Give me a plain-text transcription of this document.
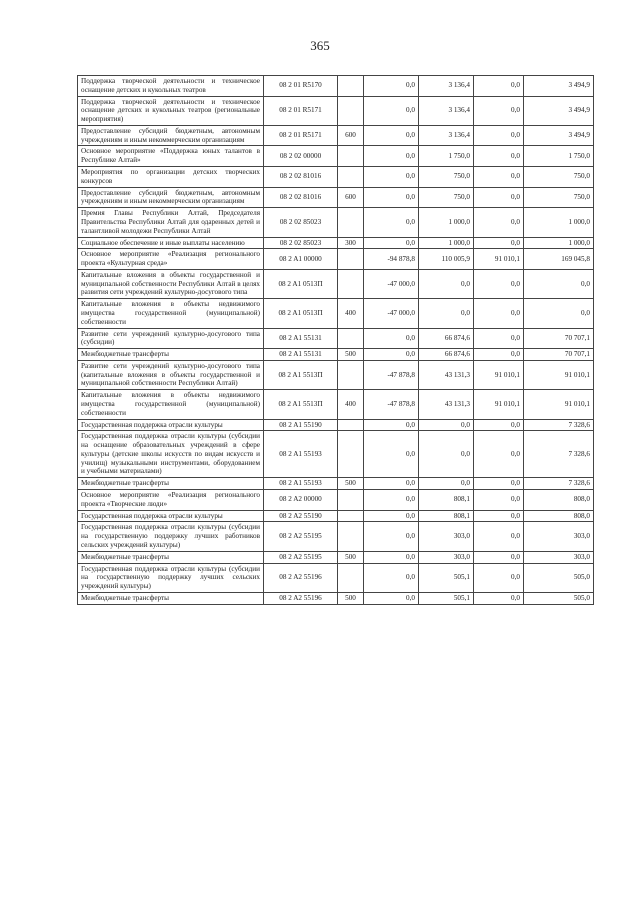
365
Поддержка творческой деятельности и техническое оснащение детских и кукольных театров	08 2 01 R5170		0,0	3 136,4	0,0	3 494,9
Поддержка творческой деятельности и техническое оснащение детских и кукольных театров (региональные мероприятия)	08 2 01 R5171		0,0	3 136,4	0,0	3 494,9
Предоставление субсидий бюджетным, автономным учреждениям и иным некоммерческим организациям	08 2 01 R5171	600	0,0	3 136,4	0,0	3 494,9
Основное мероприятие «Поддержка юных талантов в Республике Алтай»	08 2 02 00000		0,0	1 750,0	0,0	1 750,0
Мероприятия по организации детских творческих конкурсов	08 2 02 81016		0,0	750,0	0,0	750,0
Предоставление субсидий бюджетным, автономным учреждениям и иным некоммерческим организациям	08 2 02 81016	600	0,0	750,0	0,0	750,0
Премия Главы Республики Алтай, Председателя Правительства Республики Алтай для одаренных детей и талантливой молодежи Республики Алтай	08 2 02 85023		0,0	1 000,0	0,0	1 000,0
Социальное обеспечение и иные выплаты населению	08 2 02 85023	300	0,0	1 000,0	0,0	1 000,0
Основное мероприятие «Реализация регионального проекта «Культурная среда»	08 2 A1 00000		-94 878,8	110 005,9	91 010,1	169 045,8
Капитальные вложения в объекты государственной и муниципальной собственности Республики Алтай в целях развития сети учреждений культурно-досугового типа	08 2 A1 0513П		-47 000,0	0,0	0,0	0,0
Капитальные вложения в объекты недвижимого имущества государственной (муниципальной) собственности	08 2 A1 0513П	400	-47 000,0	0,0	0,0	0,0
Развитие сети учреждений культурно-досугового типа (субсидии)	08 2 A1 55131		0,0	66 874,6	0,0	70 707,1
Межбюджетные трансферты	08 2 A1 55131	500	0,0	66 874,6	0,0	70 707,1
Развитие сети учреждений культурно-досугового типа (капитальные вложения в объекты государственной и муниципальной собственности Республики Алтай)	08 2 A1 5513П		-47 878,8	43 131,3	91 010,1	91 010,1
Капитальные вложения в объекты недвижимого имущества государственной (муниципальной) собственности	08 2 A1 5513П	400	-47 878,8	43 131,3	91 010,1	91 010,1
Государственная поддержка отрасли культуры	08 2 A1 55190		0,0	0,0	0,0	7 328,6
Государственная поддержка отрасли культуры (субсидии на оснащение образовательных учреждений в сфере культуры (детские школы искусств по видам искусств и училищ) музыкальными инструментами, оборудованием и учебными материалами)	08 2 A1 55193		0,0	0,0	0,0	7 328,6
Межбюджетные трансферты	08 2 A1 55193	500	0,0	0,0	0,0	7 328,6
Основное мероприятие «Реализация регионального проекта «Творческие люди»	08 2 A2 00000		0,0	808,1	0,0	808,0
Государственная поддержка отрасли культуры	08 2 A2 55190		0,0	808,1	0,0	808,0
Государственная поддержка отрасли культуры (субсидии на государственную поддержку лучших работников сельских учреждений культуры)	08 2 A2 55195		0,0	303,0	0,0	303,0
Межбюджетные трансферты	08 2 A2 55195	500	0,0	303,0	0,0	303,0
Государственная поддержка отрасли культуры (субсидии на государственную поддержку лучших сельских учреждений культуры)	08 2 A2 55196		0,0	505,1	0,0	505,0
Межбюджетные трансферты	08 2 A2 55196	500	0,0	505,1	0,0	505,0
